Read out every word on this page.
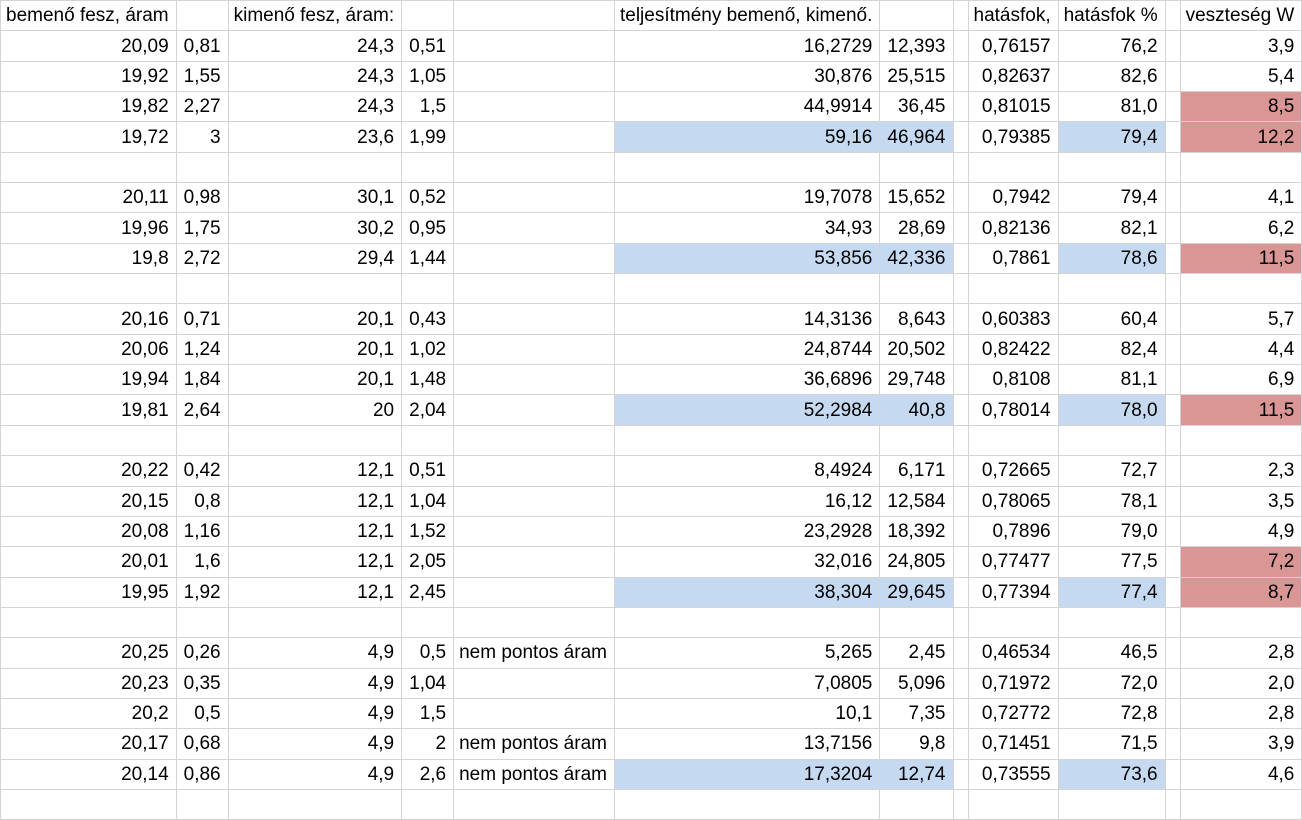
bemenő fesz, áram		kimenő fesz, áram:			teljesítmény bemenő, kimenő.			hatásfok,	hatásfok %		veszteség W
20,09	0,81	24,3	0,51		16,2729	12,393		0,76157	76,2		3,9
19,92	1,55	24,3	1,05		30,876	25,515		0,82637	82,6		5,4
19,82	2,27	24,3	1,5		44,9914	36,45		0,81015	81,0		8,5
19,72	3	23,6	1,99		59,16	46,964		0,79385	79,4		12,2

20,11	0,98	30,1	0,52		19,7078	15,652		0,7942	79,4		4,1
19,96	1,75	30,2	0,95		34,93	28,69		0,82136	82,1		6,2
19,8	2,72	29,4	1,44		53,856	42,336		0,7861	78,6		11,5

20,16	0,71	20,1	0,43		14,3136	8,643		0,60383	60,4		5,7
20,06	1,24	20,1	1,02		24,8744	20,502		0,82422	82,4		4,4
19,94	1,84	20,1	1,48		36,6896	29,748		0,8108	81,1		6,9
19,81	2,64	20	2,04		52,2984	40,8		0,78014	78,0		11,5

20,22	0,42	12,1	0,51		8,4924	6,171		0,72665	72,7		2,3
20,15	0,8	12,1	1,04		16,12	12,584		0,78065	78,1		3,5
20,08	1,16	12,1	1,52		23,2928	18,392		0,7896	79,0		4,9
20,01	1,6	12,1	2,05		32,016	24,805		0,77477	77,5		7,2
19,95	1,92	12,1	2,45		38,304	29,645		0,77394	77,4		8,7

20,25	0,26	4,9	0,5	nem pontos áram	5,265	2,45		0,46534	46,5		2,8
20,23	0,35	4,9	1,04		7,0805	5,096		0,71972	72,0		2,0
20,2	0,5	4,9	1,5		10,1	7,35		0,72772	72,8		2,8
20,17	0,68	4,9	2	nem pontos áram	13,7156	9,8		0,71451	71,5		3,9
20,14	0,86	4,9	2,6	nem pontos áram	17,3204	12,74		0,73555	73,6		4,6
